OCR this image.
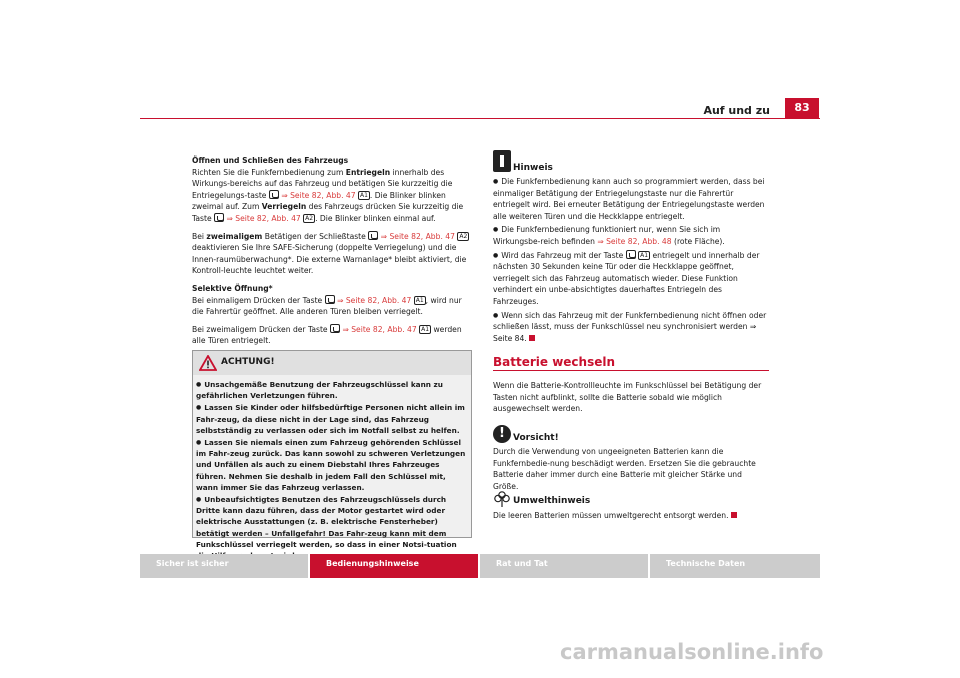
Auf und zu	83

Öffnen und Schließen des Fahrzeugs

Richten Sie die Funkfernbedienung zum Entriegeln innerhalb des Wirkungs-bereichs auf das Fahrzeug und betätigen Sie kurzzeitig die Entriegelungs-taste  ⇒ Seite 82, Abb. 47 A1 . Die Blinker blinken zweimal auf. Zum Verriegeln des Fahrzeugs drücken Sie kurzzeitig die Taste  ⇒ Seite 82, Abb. 47 A2 . Die Blinker blinken einmal auf.

Bei zweimaligem Betätigen der Schließtaste  ⇒ Seite 82, Abb. 47 A2 deaktivieren Sie Ihre SAFE-Sicherung (doppelte Verriegelung) und die Innen-raumüberwachung*. Die externe Warnanlage* bleibt aktiviert, die Kontroll-leuchte leuchtet weiter.

Selektive Öffnung*

Bei einmaligem Drücken der Taste  ⇒ Seite 82, Abb. 47 A1 , wird nur die Fahrertür geöffnet. Alle anderen Türen bleiben verriegelt.

Bei zweimaligem Drücken der Taste  ⇒ Seite 82, Abb. 47 A1 werden alle Türen entriegelt.

ACHTUNG!

● Unsachgemäße Benutzung der Fahrzeugschlüssel kann zu gefährlichen Verletzungen führen.

● Lassen Sie Kinder oder hilfsbedürftige Personen nicht allein im Fahr-zeug, da diese nicht in der Lage sind, das Fahrzeug selbstständig zu verlassen oder sich im Notfall selbst zu helfen.

● Lassen Sie niemals einen zum Fahrzeug gehörenden Schlüssel im Fahr-zeug zurück. Das kann sowohl zu schweren Verletzungen und Unfällen als auch zu einem Diebstahl Ihres Fahrzeuges führen. Nehmen Sie deshalb in jedem Fall den Schlüssel mit, wann immer Sie das Fahrzeug verlassen.

● Unbeaufsichtigtes Benutzen des Fahrzeugschlüssels durch Dritte kann dazu führen, dass der Motor gestartet wird oder elektrische Ausstattungen (z. B. elektrische Fensterheber) betätigt werden – Unfallgefahr! Das Fahr-zeug kann mit dem Funkschlüssel verriegelt werden, so dass in einer Notsi-tuation

Hinweis

● Die Funkfernbedienung kann auch so programmiert werden, dass bei einmaliger Betätigung der Entriegelungstaste nur die Fahrertür entriegelt wird. Bei erneuter Betätigung der Entriegelungstaste werden alle weiteren Türen und die Heckklappe entriegelt.

● Die Funkfernbedienung funktioniert nur, wenn Sie sich im Wirkungsbe-reich befinden ⇒ Seite 82, Abb. 48 (rote Fläche).

● Wird das Fahrzeug mit der Taste  A1 entriegelt und innerhalb der nächsten 30 Sekunden keine Tür oder die Heckklappe geöffnet, verriegelt sich das Fahrzeug automatisch wieder. Diese Funktion verhindert ein unbe-absichtigtes dauerhaftes Entriegeln des Fahrzeuges.

● Wenn sich das Fahrzeug mit der Funkfernbedienung nicht öffnen oder schließen lässt, muss der Funkschlüssel neu synchronisiert werden ⇒ Seite 84.

Batterie wechseln
Wenn die Batterie-Kontrollleuchte im Funkschlüssel bei Betätigung der Tasten nicht aufblinkt, sollte die Batterie sobald wie möglich ausgewechselt werden.
! Vorsicht!
Durch die Verwendung von ungeeigneten Batterien kann die Funkfernbedie-nung beschädigt werden. Ersetzen Sie die gebrauchte Batterie daher immer durch eine Batterie mit gleicher Stärke und Größe.
Umwelthinweis
Die leeren Batterien müssen umweltgerecht entsorgt werden.
Sicher ist sicher	Bedienungshinweise	Rat und Tat	Technische Daten
carmanualsonline.info
